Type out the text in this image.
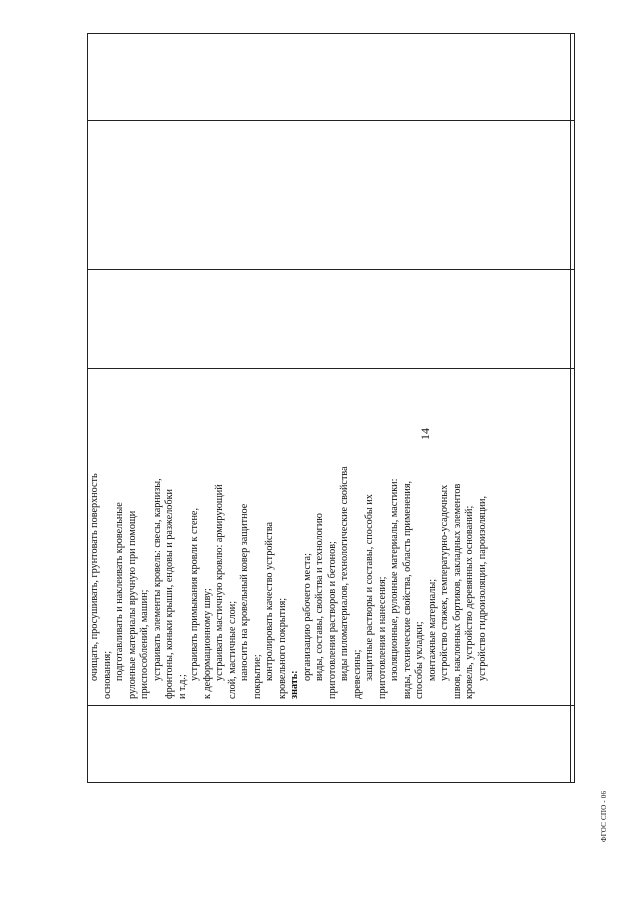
14
очищать, просушивать, грунтовать поверхность основания; подготавливать и наклеивать кровельные рулонные материалы вручную при помощи приспособлений, машин; устраивать элементы кровель: свесы, карнизы, фронтоны, коньки крыши, ендовы и разжелобки и т.д.;
устраивать примыкания кровли к стене, к деформационному шву; устраивать мастичную кровлю: армирующий слой, мастичные слои; наносить на кровельный ковер защитное покрытие; контролировать качество устройства кровельного покрытия; знать:
организацию рабочего места; виды, составы, свойства и технологию приготовления растворов и бетонов; виды пиломатериалов, технологические свойства древесины; защитные растворы и составы, способы их приготовления и нанесения; изоляционные, рулонные материалы, мастики: виды, технические свойства, область применения, способы укладки; монтажные материалы; устройство стяжек, температурно-усадочных швов, наклонных бортиков, закладных элементов кровель, устройство деревянных оснований; устройство гидроизоляции, пароизоляции,
ФГОС СПО - 06
